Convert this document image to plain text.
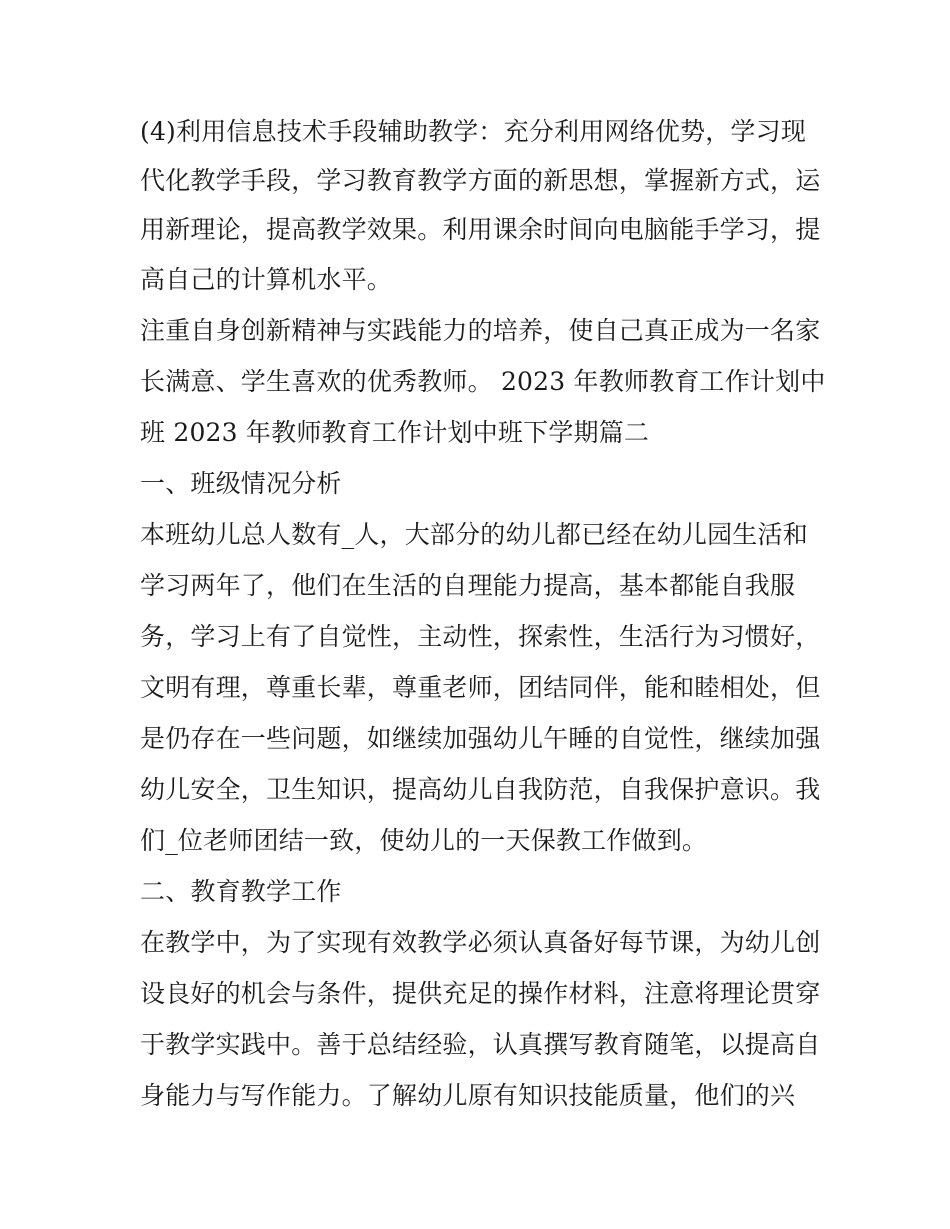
(4)利用信息技术手段辅助教学：充分利用网络优势，学习现
代化教学手段，学习教育教学方面的新思想，掌握新方式，运
用新理论，提高教学效果。利用课余时间向电脑能手学习，提
高自己的计算机水平。
注重自身创新精神与实践能力的培养，使自己真正成为一名家
长满意、学生喜欢的优秀教师。 2023 年教师教育工作计划中
班 2023 年教师教育工作计划中班下学期篇二
一、班级情况分析
本班幼儿总人数有_人，大部分的幼儿都已经在幼儿园生活和
学习两年了，他们在生活的自理能力提高，基本都能自我服
务，学习上有了自觉性，主动性，探索性，生活行为习惯好，
文明有理，尊重长辈，尊重老师，团结同伴，能和睦相处，但
是仍存在一些问题，如继续加强幼儿午睡的自觉性，继续加强
幼儿安全，卫生知识，提高幼儿自我防范，自我保护意识。我
们_位老师团结一致，使幼儿的一天保教工作做到。
二、教育教学工作
在教学中，为了实现有效教学必须认真备好每节课，为幼儿创
设良好的机会与条件，提供充足的操作材料，注意将理论贯穿
于教学实践中。善于总结经验，认真撰写教育随笔，以提高自
身能力与写作能力。了解幼儿原有知识技能质量，他们的兴
